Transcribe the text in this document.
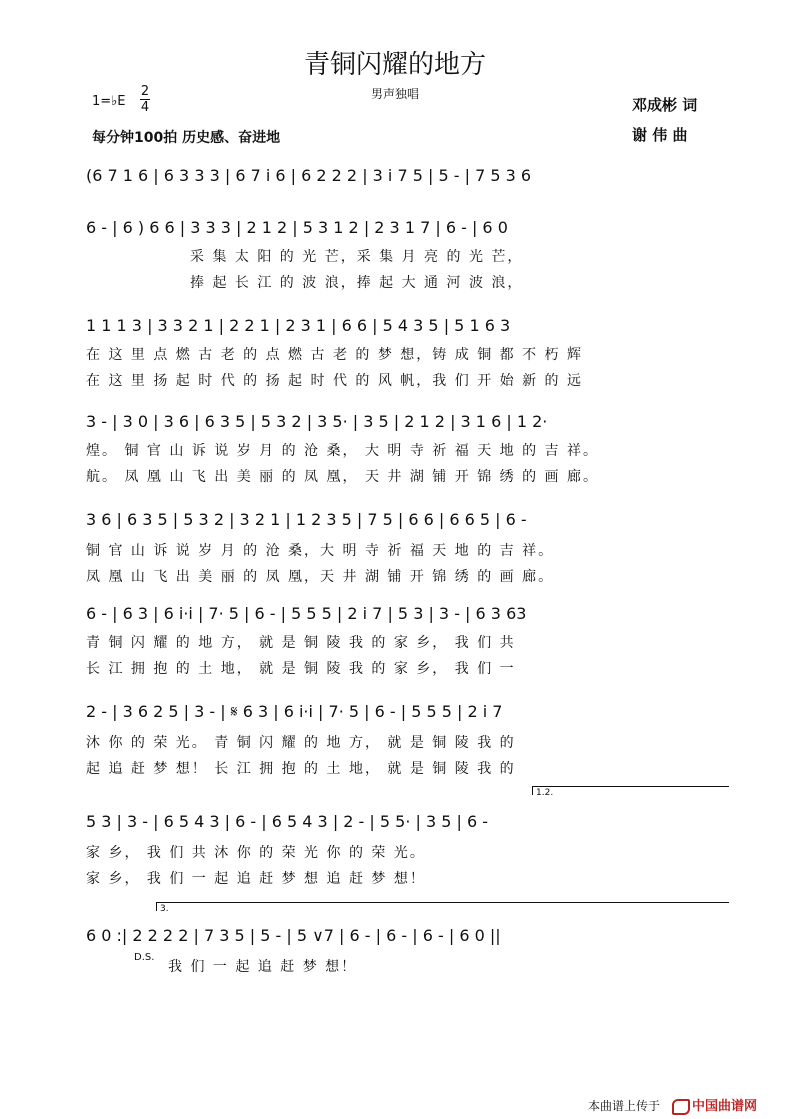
青铜闪耀的地方
男声独唱
1=♭E
2
4	邓成彬 词
谢 伟 曲
每分钟100拍 历史感、奋进地
(6 7 1 6 | 6 3 3 3 | 6 7 i 6 | 6 2 2 2 | 3 i 7 5 | 5 - | 7 5 3 6
6 - | 6 ) 6 6 | 3 3 3 | 2 1 2 | 5 3 1 2 | 2 3 1 7 | 6 - | 6 0
采 集 太 阳 的 光 芒，采 集 月 亮 的 光 芒，
捧 起 长 江 的 波 浪，捧 起 大 通 河 波 浪，
1 1 1 3 | 3 3 2 1 | 2 2 1 | 2 3 1 | 6 6 | 5 4 3 5 | 5 1 6 3
在 这 里 点 燃 古 老 的 点 燃 古 老 的 梦 想，铸 成 铜 都 不 朽 辉
在 这 里 扬 起 时 代 的 扬 起 时 代 的 风 帆，我 们 开 始 新 的 远
3 - | 3 0 | 3 6 | 6 3 5 | 5 3 2 | 3 5· | 3 5 | 2 1 2 | 3 1 6 | 1 2·
煌。 铜 官 山 诉 说 岁 月 的 沧 桑， 大 明 寺 祈 福 天 地 的 吉 祥。
航。 凤 凰 山 飞 出 美 丽 的 凤 凰， 天 井 湖 铺 开 锦 绣 的 画 廊。
3 6 | 6 3 5 | 5 3 2 | 3 2 1 | 1 2 3 5 | 7 5 | 6 6 | 6 6 5 | 6 -
铜 官 山 诉 说 岁 月 的 沧 桑，大 明 寺 祈 福 天 地 的 吉 祥。
凤 凰 山 飞 出 美 丽 的 凤 凰，天 井 湖 铺 开 锦 绣 的 画 廊。
6 - | 6 3 | 6 i·i | 7· 5 | 6 - | 5 5 5 | 2 i 7 | 5 3 | 3 - | 6 3 63
青 铜 闪 耀 的 地 方， 就 是 铜 陵 我 的 家 乡， 我 们 共
长 江 拥 抱 的 土 地， 就 是 铜 陵 我 的 家 乡， 我 们 一
2 - | 3 6 2 5 | 3 - | 𝄋 6 3 | 6 i·i | 7· 5 | 6 - | 5 5 5 | 2 i 7
沐 你 的 荣 光。 青 铜 闪 耀 的 地 方， 就 是 铜 陵 我 的
起 追 赶 梦 想！ 长 江 拥 抱 的 土 地， 就 是 铜 陵 我 的
1.2.
5 3 | 3 - | 6 5 4 3 | 6 - | 6 5 4 3 | 2 - | 5 5· | 3 5 | 6 -
家 乡， 我 们 共 沐 你 的 荣 光 你 的 荣 光。
家 乡， 我 们 一 起 追 赶 梦 想 追 赶 梦 想！
3.
6 0 :| 2 2 2 2 | 7 3 5 | 5 - | 5 ∨7 | 6 - | 6 - | 6 - | 6 0 ||
D.S.
我 们 一 起 追 赶 梦 想！
本曲谱上传于	中国曲谱网
